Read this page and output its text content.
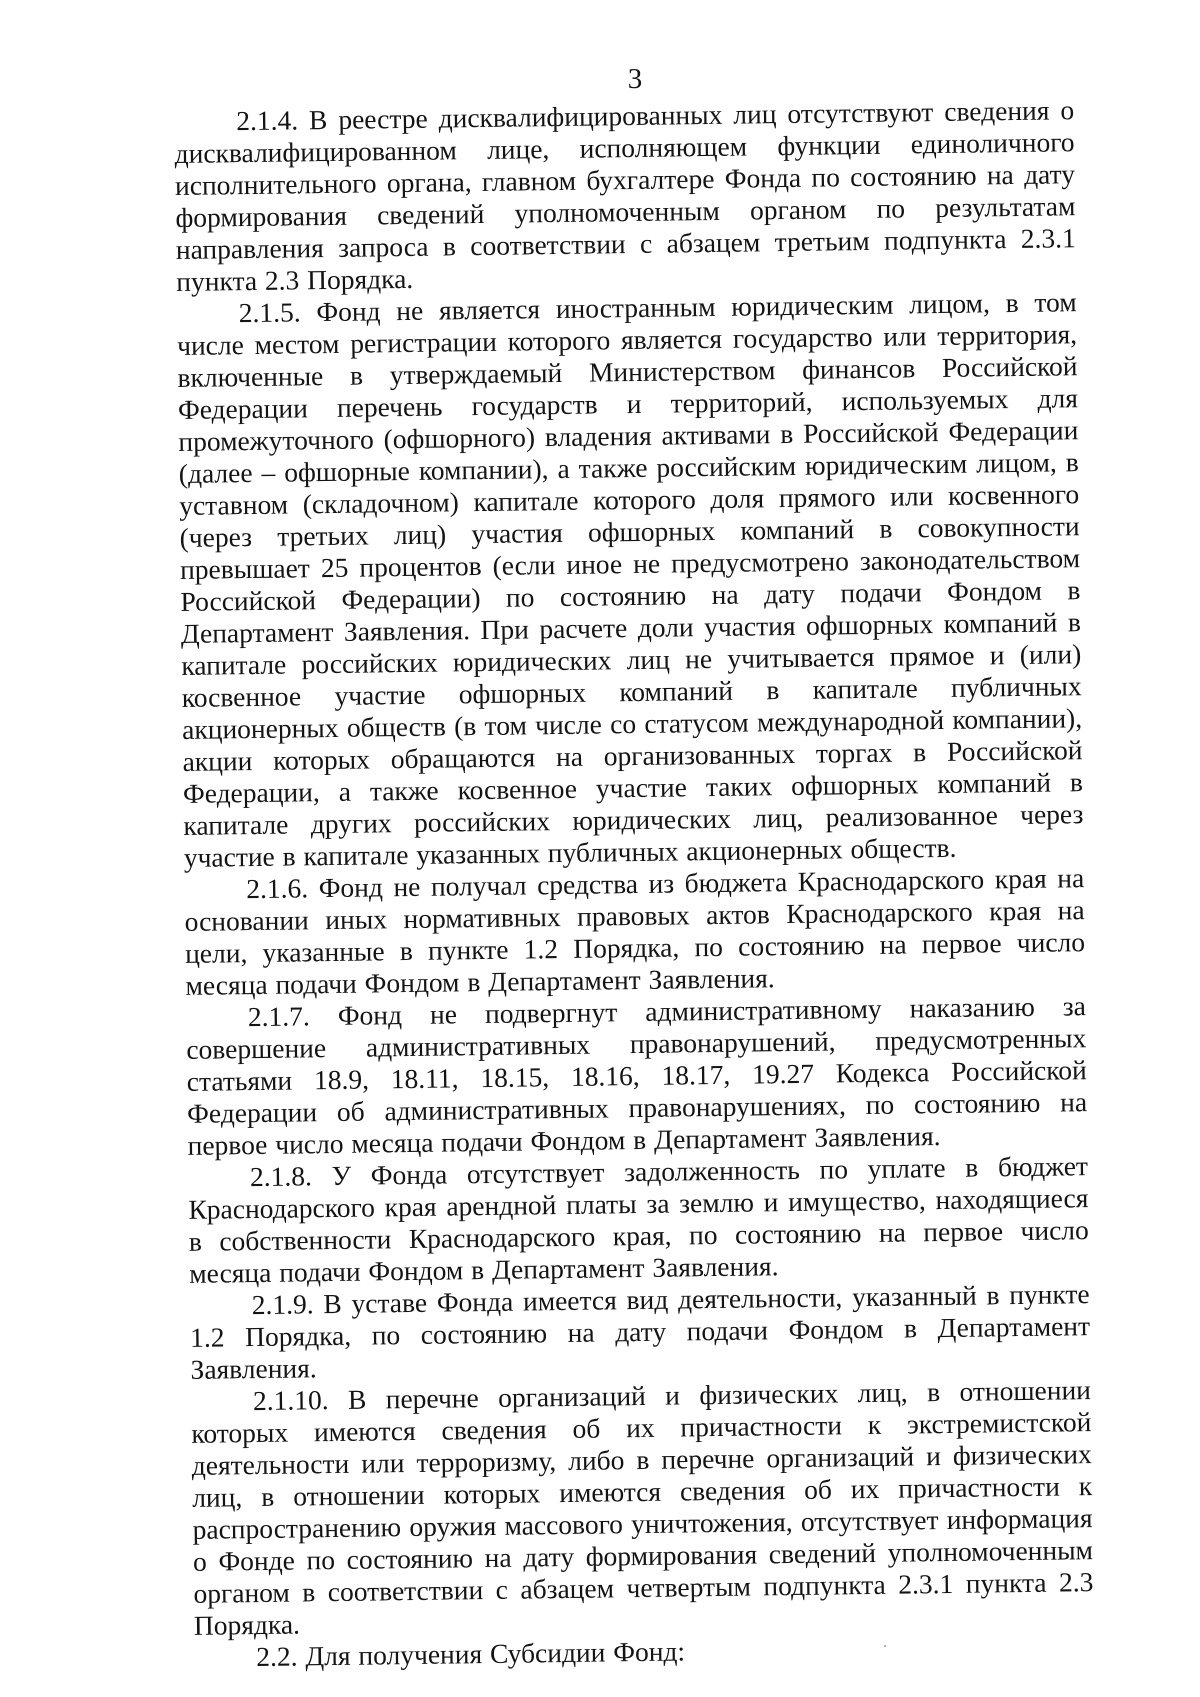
3

2.1.4. В реестре дисквалифицированных лиц отсутствуют сведения о дисквалифицированном лице, исполняющем функции единоличного исполнительного органа, главном бухгалтере Фонда по состоянию на дату формирования сведений уполномоченным органом по результатам направления запроса в соответствии с абзацем третьим подпункта 2.3.1 пункта 2.3 Порядка.

2.1.5. Фонд не является иностранным юридическим лицом, в том числе местом регистрации которого является государство или территория, включенные в утверждаемый Министерством финансов Российской Федерации перечень государств и территорий, используемых для промежуточного (офшорного) владения активами в Российской Федерации (далее – офшорные компании), а также российским юридическим лицом, в уставном (складочном) капитале которого доля прямого или косвенного (через третьих лиц) участия офшорных компаний в совокупности превышает 25 процентов (если иное не предусмотрено законодательством Российской Федерации) по состоянию на дату подачи Фондом в Департамент Заявления. При расчете доли участия офшорных компаний в капитале российских юридических лиц не учитывается прямое и (или) косвенное участие офшорных компаний в капитале публичных акционерных обществ (в том числе со статусом международной компании), акции которых обращаются на организованных торгах в Российской Федерации, а также косвенное участие таких офшорных компаний в капитале других российских юридических лиц, реализованное через участие в капитале указанных публичных акционерных обществ.

2.1.6. Фонд не получал средства из бюджета Краснодарского края на основании иных нормативных правовых актов Краснодарского края на цели, указанные в пункте 1.2 Порядка, по состоянию на первое число месяца подачи Фондом в Департамент Заявления.

2.1.7. Фонд не подвергнут административному наказанию за совершение административных правонарушений, предусмотренных статьями 18.9, 18.11, 18.15, 18.16, 18.17, 19.27 Кодекса Российской Федерации об административных правонарушениях, по состоянию на первое число месяца подачи Фондом в Департамент Заявления.

2.1.8. У Фонда отсутствует задолженность по уплате в бюджет Краснодарского края арендной платы за землю и имущество, находящиеся в собственности Краснодарского края, по состоянию на первое число месяца подачи Фондом в Департамент Заявления.

2.1.9. В уставе Фонда имеется вид деятельности, указанный в пункте 1.2 Порядка, по состоянию на дату подачи Фондом в Департамент Заявления.

2.1.10. В перечне организаций и физических лиц, в отношении которых имеются сведения об их причастности к экстремистской деятельности или терроризму, либо в перечне организаций и физических лиц, в отношении которых имеются сведения об их причастности к распространению оружия массового уничтожения, отсутствует информация о Фонде по состоянию на дату формирования сведений уполномоченным органом в соответствии с абзацем четвертым подпункта 2.3.1 пункта 2.3 Порядка.

2.2. Для получения Субсидии Фонд:
